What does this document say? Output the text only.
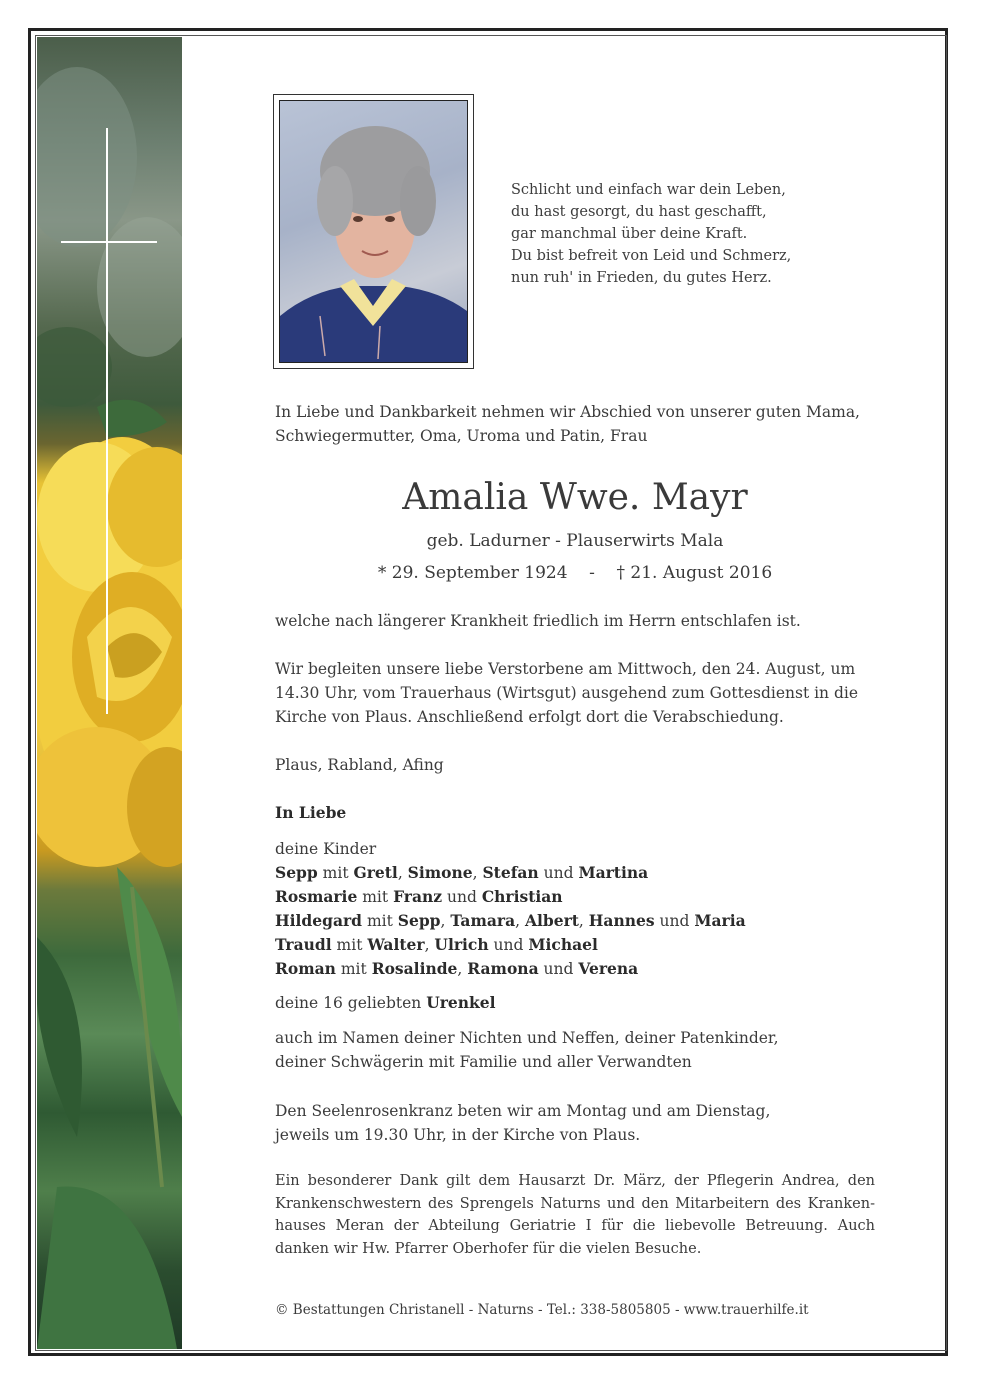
Schlicht und einfach war dein Leben,
du hast gesorgt, du hast geschafft,
gar manchmal über deine Kraft.
Du bist befreit von Leid und Schmerz,
nun ruh' in Frieden, du gutes Herz.
In Liebe und Dankbarkeit nehmen wir Abschied von unserer guten Mama,
Schwiegermutter, Oma, Uroma und Patin, Frau
Amalia Wwe. Mayr
geb. Ladurner - Plauserwirts Mala
* 29. September 1924    -    † 21. August 2016
welche nach längerer Krankheit friedlich im Herrn entschlafen ist.
Wir begleiten unsere liebe Verstorbene am Mittwoch, den 24. August, um
14.30 Uhr, vom Trauerhaus (Wirtsgut) ausgehend zum Gottesdienst in die
Kirche von Plaus. Anschließend erfolgt dort die Verabschiedung.
Plaus, Rabland, Afing
In Liebe
deine Kinder
Sepp mit Gretl, Simone, Stefan und Martina
Rosmarie mit Franz und Christian
Hildegard mit Sepp, Tamara, Albert, Hannes und Maria
Traudl mit Walter, Ulrich und Michael
Roman mit Rosalinde, Ramona und Verena
deine 16 geliebten Urenkel
auch im Namen deiner Nichten und Neffen, deiner Patenkinder,
deiner Schwägerin mit Familie und aller Verwandten
Den Seelenrosenkranz beten wir am Montag und am Dienstag,
jeweils um 19.30 Uhr, in der Kirche von Plaus.
Ein besonderer Dank gilt dem Hausarzt Dr. März, der Pflegerin Andrea, den Krankenschwestern des Sprengels Naturns und den Mitarbeitern des Kranken-hauses Meran der Abteilung Geriatrie I für die liebevolle Betreuung. Auch danken wir Hw. Pfarrer Oberhofer für die vielen Besuche.
© Bestattungen Christanell - Naturns - Tel.: 338-5805805 - www.trauerhilfe.it
